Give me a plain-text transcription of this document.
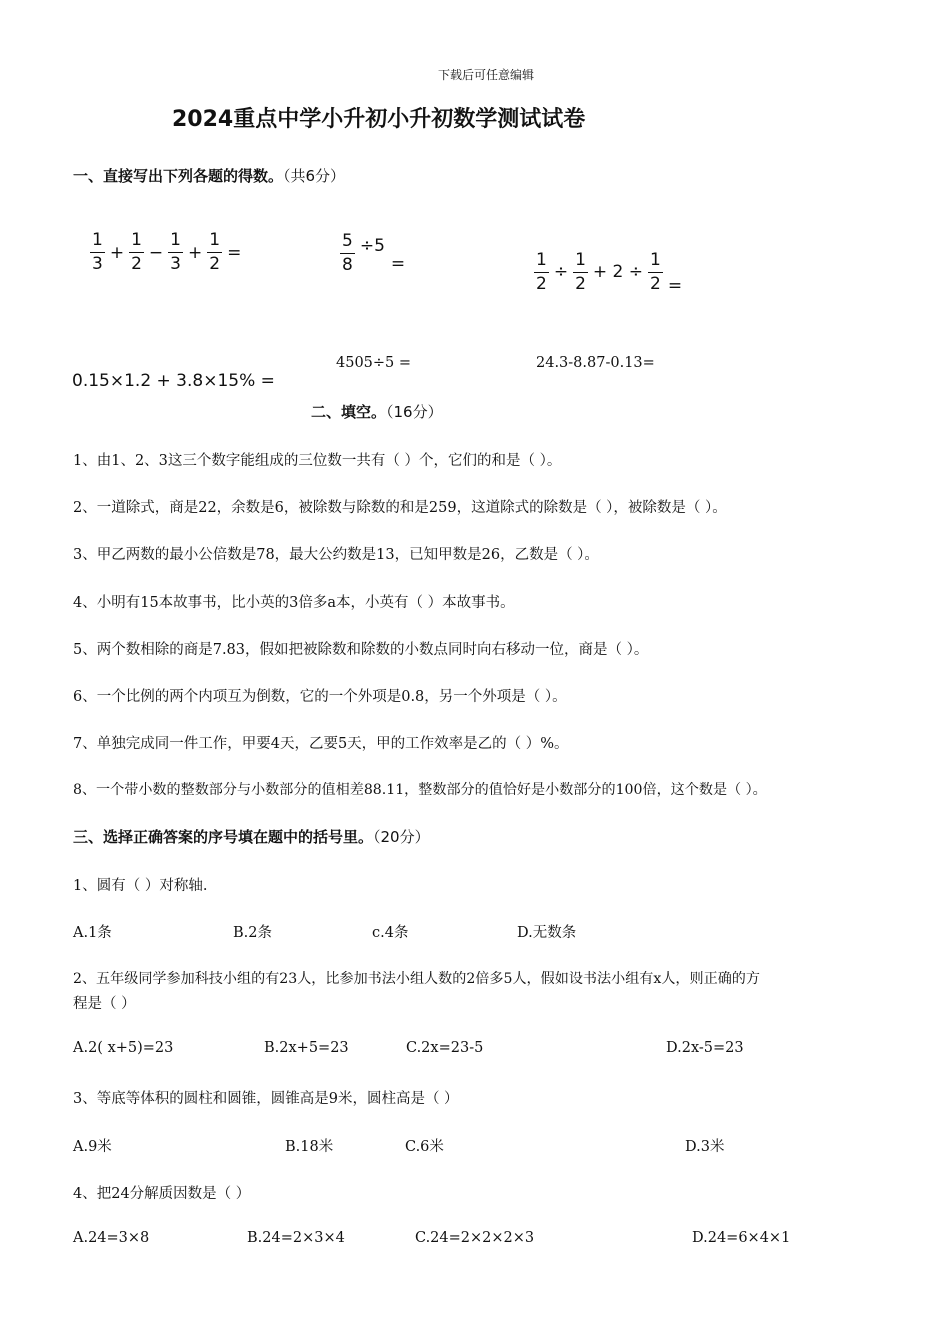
下载后可任意编辑
2024重点中学小升初小升初数学测试试卷
一、直接写出下列各题的得数。（共6分）
$\frac{1}{3} + \frac{1}{2} - \frac{1}{3} + \frac{1}{2}$ =	$\frac{5}{8} \div 5$
=	$\frac{1}{2} \div \frac{1}{2} + 2 \div \frac{1}{2}$ =
0.15×1.2 + 3.8×15% =
4505÷5 =	24.3-8.87-0.13=
二、填空。（16分）
1、由1、2、3这三个数字能组成的三位数一共有（ ）个，它们的和是（ ）。
2、一道除式，商是22，余数是6，被除数与除数的和是259，这道除式的除数是（ ），被除数是（ ）。
3、甲乙两数的最小公倍数是78，最大公约数是13，已知甲数是26，乙数是（ ）。
4、小明有15本故事书，比小英的3倍多a本，小英有（ ）本故事书。
5、两个数相除的商是7.83，假如把被除数和除数的小数点同时向右移动一位，商是（ ）。
6、一个比例的两个内项互为倒数，它的一个外项是0.8，另一个外项是（ ）。
7、单独完成同一件工作，甲要4天，乙要5天，甲的工作效率是乙的（ ）%。
8、一个带小数的整数部分与小数部分的值相差88.11，整数部分的值恰好是小数部分的100倍，这个数是（ ）。
三、选择正确答案的序号填在题中的括号里。（20分）
1、圆有（ ）对称轴.
A.1条	B.2条	c.4条	D.无数条
2、五年级同学参加科技小组的有23人，比参加书法小组人数的2倍多5人，假如设书法小组有x人，则正确的方
程是（ ）
A.2( x+5)=23	B.2x+5=23	C.2x=23-5	D.2x-5=23
3、等底等体积的圆柱和圆锥，圆锥高是9米，圆柱高是（ ）
A.9米	B.18米	C.6米	D.3米
4、把24分解质因数是（ ）
A.24=3×8	B.24=2×3×4	C.24=2×2×2×3	D.24=6×4×1
